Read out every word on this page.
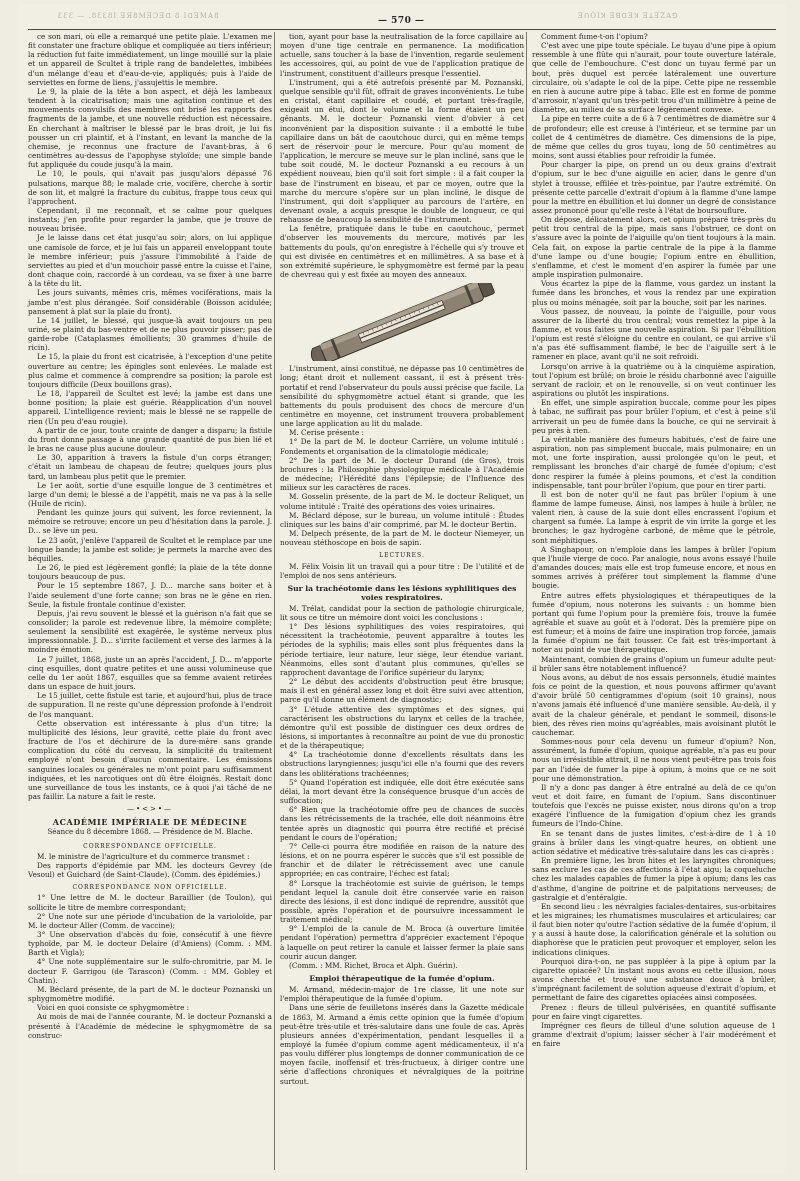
ƐƐƐ — .8ƐƐ8I ƎЯ8MƎƆƎᗡ 8 IᗡƎMA8	— 570 —	ƎꓵÒIꓘ ƎꓭᗡƎꓘ ƎꓕƎZAꓨ

ce son mari, où elle a remarqué une petite plaie. L'examen me fit constater une fracture oblique et compliquée au tiers inférieur; la réduction fut faite immédiatement, un linge mouillé sur la plaie et un appareil de Scultet à triple rang de bandelettes, imbibées d'un mélange d'eau et d'eau-de-vie, appliqués; puis à l'aide de serviettes en forme de liens, j'assujettis le membre.

Le 9, la plaie de la tête a bon aspect, et déjà les lambeaux tendent à la cicatrisation; mais une agitation continue et des mouvements convulsifs des membres ont brisé les rapports des fragments de la jambe, et une nouvelle réduction est nécessaire. En cherchant à maîtriser le blessé par le bras droit, je lui fis pousser un cri plaintif, et à l'instant, en levant la manche de la chemise, je reconnus une fracture de l'avant-bras, à 6 centimètres au-dessus de l'apophyse styloïde; une simple bande fut appliquée du coude jusqu'à la main.

Le 10, le pouls, qui n'avait pas jusqu'alors dépassé 76 pulsations, marque 88; le malade crie, vocifère, cherche à sortir de son lit, et malgré la fracture du cubitus, frappe tous ceux qui l'approchent.

Cependant, il me reconnaît, et se calme pour quelques instants; j'en profite pour regarder la jambe, que je trouve de nouveau brisée.

Je le laisse dans cet état jusqu'au soir; alors, on lui applique une camisole de force, et je lui fais un appareil enveloppant toute le membre inférieur; puis j'assure l'immobilité à l'aide de serviettes au pied et d'un mouchoir passé entre la cuisse et l'aine, dont chaque coin, raccordé à un cordeau, va se fixer à une barre à la tête du lit.

Les jours suivants, mêmes cris, mêmes vociférations, mais la jambe n'est plus dérangée. Soif considérable (Boisson acidulée; pansement à plat sur la plaie du front).

Le 14 juillet, le blessé, qui jusque-là avait toujours un peu uriné, se plaint du bas-ventre et de ne plus pouvoir pisser; pas de garde-robe (Cataplasmes émollients; 30 grammes d'huile de ricin).

Le 15, la plaie du front est cicatrisée, à l'exception d'une petite ouverture au centre; les épingles sont enlevées. Le malade est plus calme et commence à comprendre sa position; la parole est toujours difficile (Deux bouillons gras).

Le 18, l'appareil de Scultet est levé; la jambe est dans une bonne position; la plaie est guérie. Réapplication d'un nouvel appareil. L'intelligence revient; mais le blessé ne se rappelle de rien (Un peu d'eau rougie).

A partir de ce jour, toute crainte de danger a disparu; la fistule du front donne passage à une grande quantité de pus bien lié et le bras ne cause plus aucune douleur.

Le 30, apparition à travers la fistule d'un corps étranger; c'était un lambeau de chapeau de feutre; quelques jours plus tard, un lambeau plus petit que le premier.

Le 1er août, sortie d'une esquille longue de 3 centimètres et large d'un demi; le blessé a de l'appétit, mais ne va pas à la selle (Huile de ricin).

Pendant les quinze jours qui suivent, les force reviennent, la mémoire se retrouve; encore un peu d'hésitation dans la parole. J. D... se lève un peu.

Le 23 août, j'enlève l'appareil de Scultet et le remplace par une longue bande; la jambe est solide; je permets la marche avec des béquilles.

Le 26, le pied est légèrement gonflé; la plaie de la tête donne toujours beaucoup de pus.

Pour le 15 septembre 1867, J. D... marche sans boiter et à l'aide seulement d'une forte canne; son bras ne le gêne en rien. Seule, la fistule frontale continue d'exister.

Depuis, j'ai revu souvent le blessé et la guérison n'a fait que se consolider; la parole est redevenue libre, la mémoire complète; seulement la sensibilité est exagérée, le système nerveux plus impressionnable. J. D... s'irrite facilement et verse des larmes à la moindre émotion.

Le 7 juillet, 1868, juste un an après l'accident, J. D... m'apporte cinq esquilles, dont quatre petites et une aussi volumineuse que celle du 1er août 1867, esquilles que sa femme avaient retirées dans un espace de huit jours.

Le 15 juillet, cette fistule est tarie, et aujourd'hui, plus de trace de suppuration. Il ne reste qu'une dépression profonde à l'endroit de l'os manquant.

Cette observation est intéressante à plus d'un titre; la multiplicité des lésions, leur gravité, cette plaie du front avec fracture de l'os et déchirure de la dure-mère sans grande complication du côté du cerveau, la simplicité du traitement employé n'ont besoin d'aucun commentaire. Les émissions sanguines locales ou générales ne m'ont point paru suffisamment indiquées, et les narcotiques ont dû être éloignés. Restait donc une surveillance de tous les instants, ce à quoi j'ai tâché de ne pas faillir. La nature a fait le reste.

—•<>•—
ACADÉMIE IMPÉRIALE DE MÉDECINE
Séance du 8 décembre 1868. — Présidence de M. Blache.
CORRESPONDANCE OFFICIELLE.

M. le ministre de l'agriculture et du commerce transmet :

Des rapports d'épidémie par MM. les docteurs Gevrey (de Vesoul) et Guichard (de Saint-Claude). (Comm. des épidémies.)

CORRESPONDANCE NON OFFICIELLE.

1° Une lettre de M. le docteur Baraillier (de Toulon), qui sollicite le titre de membre correspondant;

2° Une note sur une période d'incubation de la varioloïde, par M. le docteur Aller (Comm. de vaccine);

3° Une observation d'abcès du foie, consécutif à une fièvre typhoïde, par M. le docteur Delaire (d'Amiens) (Comm. : MM. Barth et Vigla);

4° Une note supplémentaire sur le sulfo-chromitrie, par M. le docteur F. Garrigou (de Tarascon) (Comm. : MM. Gobley et Chatin).

M. Béclard présente, de la part de M. le docteur Poznanski un sphygmomètre modifié.

Voici en quoi consiste ce sphygmomètre :

Au mois de mai de l'année courante, M. le docteur Poznanski a présenté à l'Académie de médecine le sphygmomètre de sa construc-

tion, ayant pour base la neutralisation de la force capillaire au moyen d'une tige centrale en permanence. La modification actuelle, sans toucher à la base de l'invention, regarde seulement les accessoires, qui, au point de vue de l'application pratique de l'instrument, constituent d'ailleurs presque l'essentiel.

L'instrument, qui a été autrefois présenté par M. Poznanski, quelque sensible qu'il fût, offrait de graves inconvénients. Le tube en cristal, étant capillaire et coudé, et portant très-fragile, exigeait un étui, dont le volume et la forme étaient un peu gênants. M. le docteur Poznanski vient d'obvier à cet inconvénient par la disposition suivante : il a embotté le tube capillaire dans un bât de caoutchouc durci, qui en même temps sert de réservoir pour le mercure. Pour qu'au moment de l'application, le mercure se meuve sur le plan incliné, sans que le tube soit coudé, M. le docteur Poznanski a eu recours à un expédient nouveau, bien qu'il soit fort simple : il a fait couper la base de l'instrument en biseau, et par ce moyen, outre que la marche du mercure s'opère sur un plan incliné, le disque de l'instrument, qui doit s'appliquer au parcours de l'artère, en devenant ovale, a acquis presque le double de longueur, ce qui rehausse de beaucoup la sensibilité de l'instrument.

La fenêtre, pratiquée dans le tube en caoutchouc, permet d'observer les mouvements du mercure, motivés par les battements du pouls, qu'on enregistre à l'échelle qui s'y trouve et qui est divisée en centimètres et en millimètres. A sa base et à son extrémité supérieure, le sphygmomètre est fermé par la peau de chevreau qui y est fixée au moyen des anneaux.

L'instrument, ainsi constitué, ne dépasse pas 10 centimètres de long; étant droit et nullement cassant, il est à présent très-portatif et rend l'observateur du pouls aussi précise que facile. La sensibilité du sphygmomètre actuel étant si grande, que les battements du pouls produisent des chocs de mercure d'un centimètre en moyenne, cet instrument trouvera probablement une large application au lit du malade.

M. Cerise présente :

1° De la part de M. le docteur Carrière, un volume intitulé : Fondements et organisation de la climatologie médicale;

2° De la part de M. le docteur Durand (de Gros), trois brochures : la Philosophie physiologique médicale à l'Académie de médecine; l'Hérédité dans l'épilepsie; de l'Influence des milieux sur les caractères de races.

M. Gosselin présente, de la part de M. le docteur Reliquet, un volume intitulé : Traité des opérations des voies urinaires.

M. Béclard dépose, sur le bureau, un volume intitulé : Études cliniques sur les bains d'air comprimé, par M. le docteur Bertin.

M. Delpech présente, de la part de M. le docteur Niemeyer, un nouveau stéthoscope en bois de sapin.

LECTURES.

M. Félix Voisin lit un travail qui a pour titre : De l'utilité et de l'emploi de nos sens antérieurs.

Sur la trachéotomie dans les lésions syphilitiques des voies respiratoires.

M. Trélat, candidat pour la section de pathologie chirurgicale, lit sous ce titre un mémoire dont voici les conclusions :

1° Des lésions syphilitiques des voies respiratoires, qui nécessitent la trachéotomie, peuvent apparaître à toutes les périodes de la syphilis; mais elles sont plus fréquentes dans la période tertiaire, leur nature, leur siège, leur étendue variant. Néanmoins, elles sont d'autant plus communes, qu'elles se rapprochent davantage de l'orifice supérieur du larynx;

2° Le début des accidents d'obstruction peut être brusque; mais il est en général assez long et doit être suivi avec attention, parce qu'il donne un élément de diagnostic;

3° L'étude attentive des symptômes et des signes, qui caractérisent les obstructions du larynx et celles de la trachée, démontre qu'il est possible de distinguer ces deux ordres de lésions, si importantes à reconnaître au point de vue du pronostic et de la thérapeutique;

4° La trachéotomie donne d'excellents résultats dans les obstructions laryngiennes; jusqu'ici elle n'a fourni que des revers dans les oblitérations trachéennes;

5° Quand l'opération est indiquée, elle doit être exécutée sans délai, la mort devant être la conséquence brusque d'un accès de suffocation;

6° Bien que la trachéotomie offre peu de chances de succès dans les rétrécissements de la trachée, elle doit néanmoins être tentée après un diagnostic qui pourra être rectifié et précisé pendant le cours de l'opération;

7° Celle-ci pourra être modifiée en raison de la nature des lésions, et on ne pourra espérer le succès que s'il est possible de franchir et de dilater le rétrécissement avec une canule appropriée; en cas contraire, l'échec est fatal;

8° Lorsque la trachéotomie est suivie de guérison, le temps pendant lequel la canule doit être conservée varie en raison directe des lésions, il est donc indiqué de reprendre, aussitôt que possible, après l'opération et de poursuivre incessamment le traitement médical;

9° L'emploi de la canule de M. Broca (à ouverture limitée pendant l'opération) permettra d'apprécier exactement l'époque à laquelle on peut retirer la canule et laisser fermer la plaie sans courir aucun danger.

(Comm. : MM. Richet, Broca et Alph. Guérin).

Emploi thérapeutique de la fumée d'opium.

M. Armand, médecin-major de 1re classe, lit une note sur l'emploi thérapeutique de la fumée d'opium.

Dans une série de feuilletons insérés dans la Gazette médicale de 1863, M. Armand a émis cette opinion que la fumée d'opium peut-être très-utile et très-salutaire dans une foule de cas. Après plusieurs années d'expérimentation, pendant lesquelles il a employé la fumée d'opium comme agent médicamenteux, il n'a pas voulu différer plus longtemps de donner communication de ce moyen facile, inoffensif et très-fructueux, à diriger contre une série d'affections chroniques et névralgiques de la poitrine surtout.

Comment fume-t-on l'opium?

C'est avec une pipe toute spéciale. Le tuyau d'une pipe à opium ressemble à une flûte qui n'aurait, pour toute ouverture latérale, que celle de l'embouchure. C'est donc un tuyau fermé par un bout, près duquel est percée latéralement une ouverture circulaire, où s'adapte le col de la pipe. Cette pipe ne ressemble en rien à aucune autre pipe à tabac. Elle est en forme de pomme d'arrosoir, n'ayant qu'un très-petit trou d'un millimètre à peine de diamètre, au milieu de sa surface légèrement convexe.

La pipe en terre cuite a de 6 à 7 centimètres de diamètre sur 4 de profondeur; elle est creuse à l'intérieur, et se termine par un collet de 4 centimètres de diamètre. Ces dimensions de la pipe, de même que celles du gros tuyau, long de 50 centimètres au moins, sont aussi établies pour refroidir la fumée.

Pour charger la pipe, on prend un ou deux grains d'extrait d'opium, sur le bec d'une aiguille en acier, dans le genre d'un stylet à trousse, effilée et très-pointue, par l'autre extrémité. On présente cette parcelle d'extrait d'opium à la flamme d'une lampe pour la mettre en ébullition et lui donner un degré de consistance assez prononcé pour qu'elle reste à l'état de boursouflure.

On dépose, délicatement alors, cet opium préparé très-près du petit trou central de la pipe, mais sans l'obstruer, ce dont on s'assure avec la pointe de l'aiguille qu'on tient toujours à la main. Cela fait, on expose la partie centrale de la pipe à la flamme d'une lampe ou d'une bougie; l'opium entre en ébullition, s'enflamme, et c'est le moment d'en aspirer la fumée par une ample inspiration pulmonaire.

Vous écartez la pipe de la flamme, vous gardez un instant la fumée dans les bronches, et vous la rendez par une expiration plus ou moins ménagée, soit par la bouche, soit par les narines.

Vous passez, de nouveau, la pointe de l'aiguille, pour vous assurer de la liberté du trou central; vous remettez la pipe à la flamme, et vous faites une nouvelle aspiration. Si par l'ébullition l'opium est resté s'éloigne du centre en coulant, ce qui arrive s'il n'a pas été suffisamment flambé, le bec de l'aiguille sert à le ramener en place, avant qu'il ne soit refroidi.

Lorsqu'on arrive à la quatrième ou à la cinquième aspiration, tout l'opium est brûlé; on broie le résidu charbonné avec l'aiguille servant de racloir, et on le renouvelle, si on veut continuer les aspirations ou plutôt les inspirations.

En effet, une simple aspiration buccale, comme pour les pipes à tabac, ne suffirait pas pour brûler l'opium, et c'est à peine s'il arriverait un peu de fumée dans la bouche, ce qui ne servirait à peu près à rien.

La véritable manière des fumeurs habitués, c'est de faire une aspiration, non pas simplement buccale, mais pulmonaire; en un mot, une forte inspiration, aussi prolongée qu'on le peut, et remplissant les bronches d'air chargé de fumée d'opium; c'est donc respirer la fumée à pleins poumons, et c'est la condition indispensable, tant pour brûler l'opium, que pour en tirer parti.

Il est bon de noter qu'il ne faut pas brûler l'opium à une flamme de lampe fumeuse. Ainsi, nos lampes à huile à brûler, ne valent rien, à cause de la suie dont elles encrassent l'opium et chargent sa fumée. La lampe à esprit de vin irrite la gorge et les bronches; le gaz hydrogène carboné, de même que le pétrole, sont méphitiques.

A Singhapour, on n'emploie dans les lampes à brûler l'opium que l'huile vierge de coco. Par analogie, nous avons essayé l'huile d'amandes douces; mais elle est trop fumeuse encore, et nous en sommes arrivés à préférer tout simplement la flamme d'une bougie.

Entre autres effets physiologiques et thérapeutiques de la fumée d'opium, nous noterons les suivants : un homme bien portant qui fume l'opium pour la première fois, trouve la fumée agréable et suave au goût et à l'odorat. Dès la première pipe on est fumeur; et à moins de faire une inspiration trop forcée, jamais la fumée d'opium ne fait tousser. Ce fait est très-important à noter au point de vue thérapeutique.

Maintenant, combien de grains d'opium un fumeur adulte peut-il brûler sans être notablement influencé?

Nous avons, au début de nos essais personnels, étudié maintes fois ce point de la question, et nous pouvons affirmer qu'avant d'avoir brûlé 50 centigrammes d'opium (soit 10 grains), nous n'avons jamais été influencé d'une manière sensible. Au-delà, il y avait de la chaleur générale, et pendant le sommeil, disons-le bien, des rêves rien moins qu'agréables, mais avoisinant plutôt le cauchemar.

Sommes-nous pour cela devenu un fumeur d'opium? Non, assurément, la fumée d'opium, quoique agréable, n'a pas eu pour nous un irrésistible attrait, il ne nous vient peut-être pas trois fois par an l'idée de fumer la pipe à opium, à moins que ce ne soit pour une démonstration.

Il n'y a donc pas danger à être entraîné au delà de ce qu'on veut et doit faire, en fumant de l'opium. Sans discontinuer toutefois que l'excès ne puisse exister, nous dirons qu'on a trop exagéré l'influence de la fumigation d'opium chez les grands fumeurs de l'Indo-Chine.

En se tenant dans de justes limites, c'est-à-dire de 1 à 10 grains à brûler dans les vingt-quatre heures, on obtient une action sédative et médicative très-salutaire dans les cas ci-après :

En première ligne, les bron hites et les laryngites chroniques; sans exclure les cas de ces affections à l'état aigu; la coqueluche chez les malades capables de fumer la pipe à opium; dans les cas d'asthme, d'angine de poitrine et de palpitations nerveuses; de gastralgie et d'entéralgie.

En second lieu : les névralgies faciales-dentaires, sus-orbitaires et les migraines; les rhumatismes musculaires et articulaires; car il faut bien noter qu'outre l'action sédative de la fumée d'opium, il y a aussi à haute dose, la calorification générale et la solution ou diaphorèse que le praticien peut provoquer et employer, selon les indications cliniques.

Pourquoi dira-t-on, ne pas suppléer à la pipe à opium par la cigarette opiacée? Un instant nous avons eu cette illusion, nous avons cherché et trouvé une substance douce à brûler, s'imprégnant facilement de solution aqueuse d'extrait d'opium, et permettant de faire des cigarettes opiacées ainsi composées.

Prenez : fleurs de tilleul pulvérisées, en quantité suffisante pour en faire vingt cigarettes.

Imprégner ces fleurs de tilleul d'une solution aqueuse de 1 gramme d'extrait d'opium; laisser sécher à l'air modérément et en faire
